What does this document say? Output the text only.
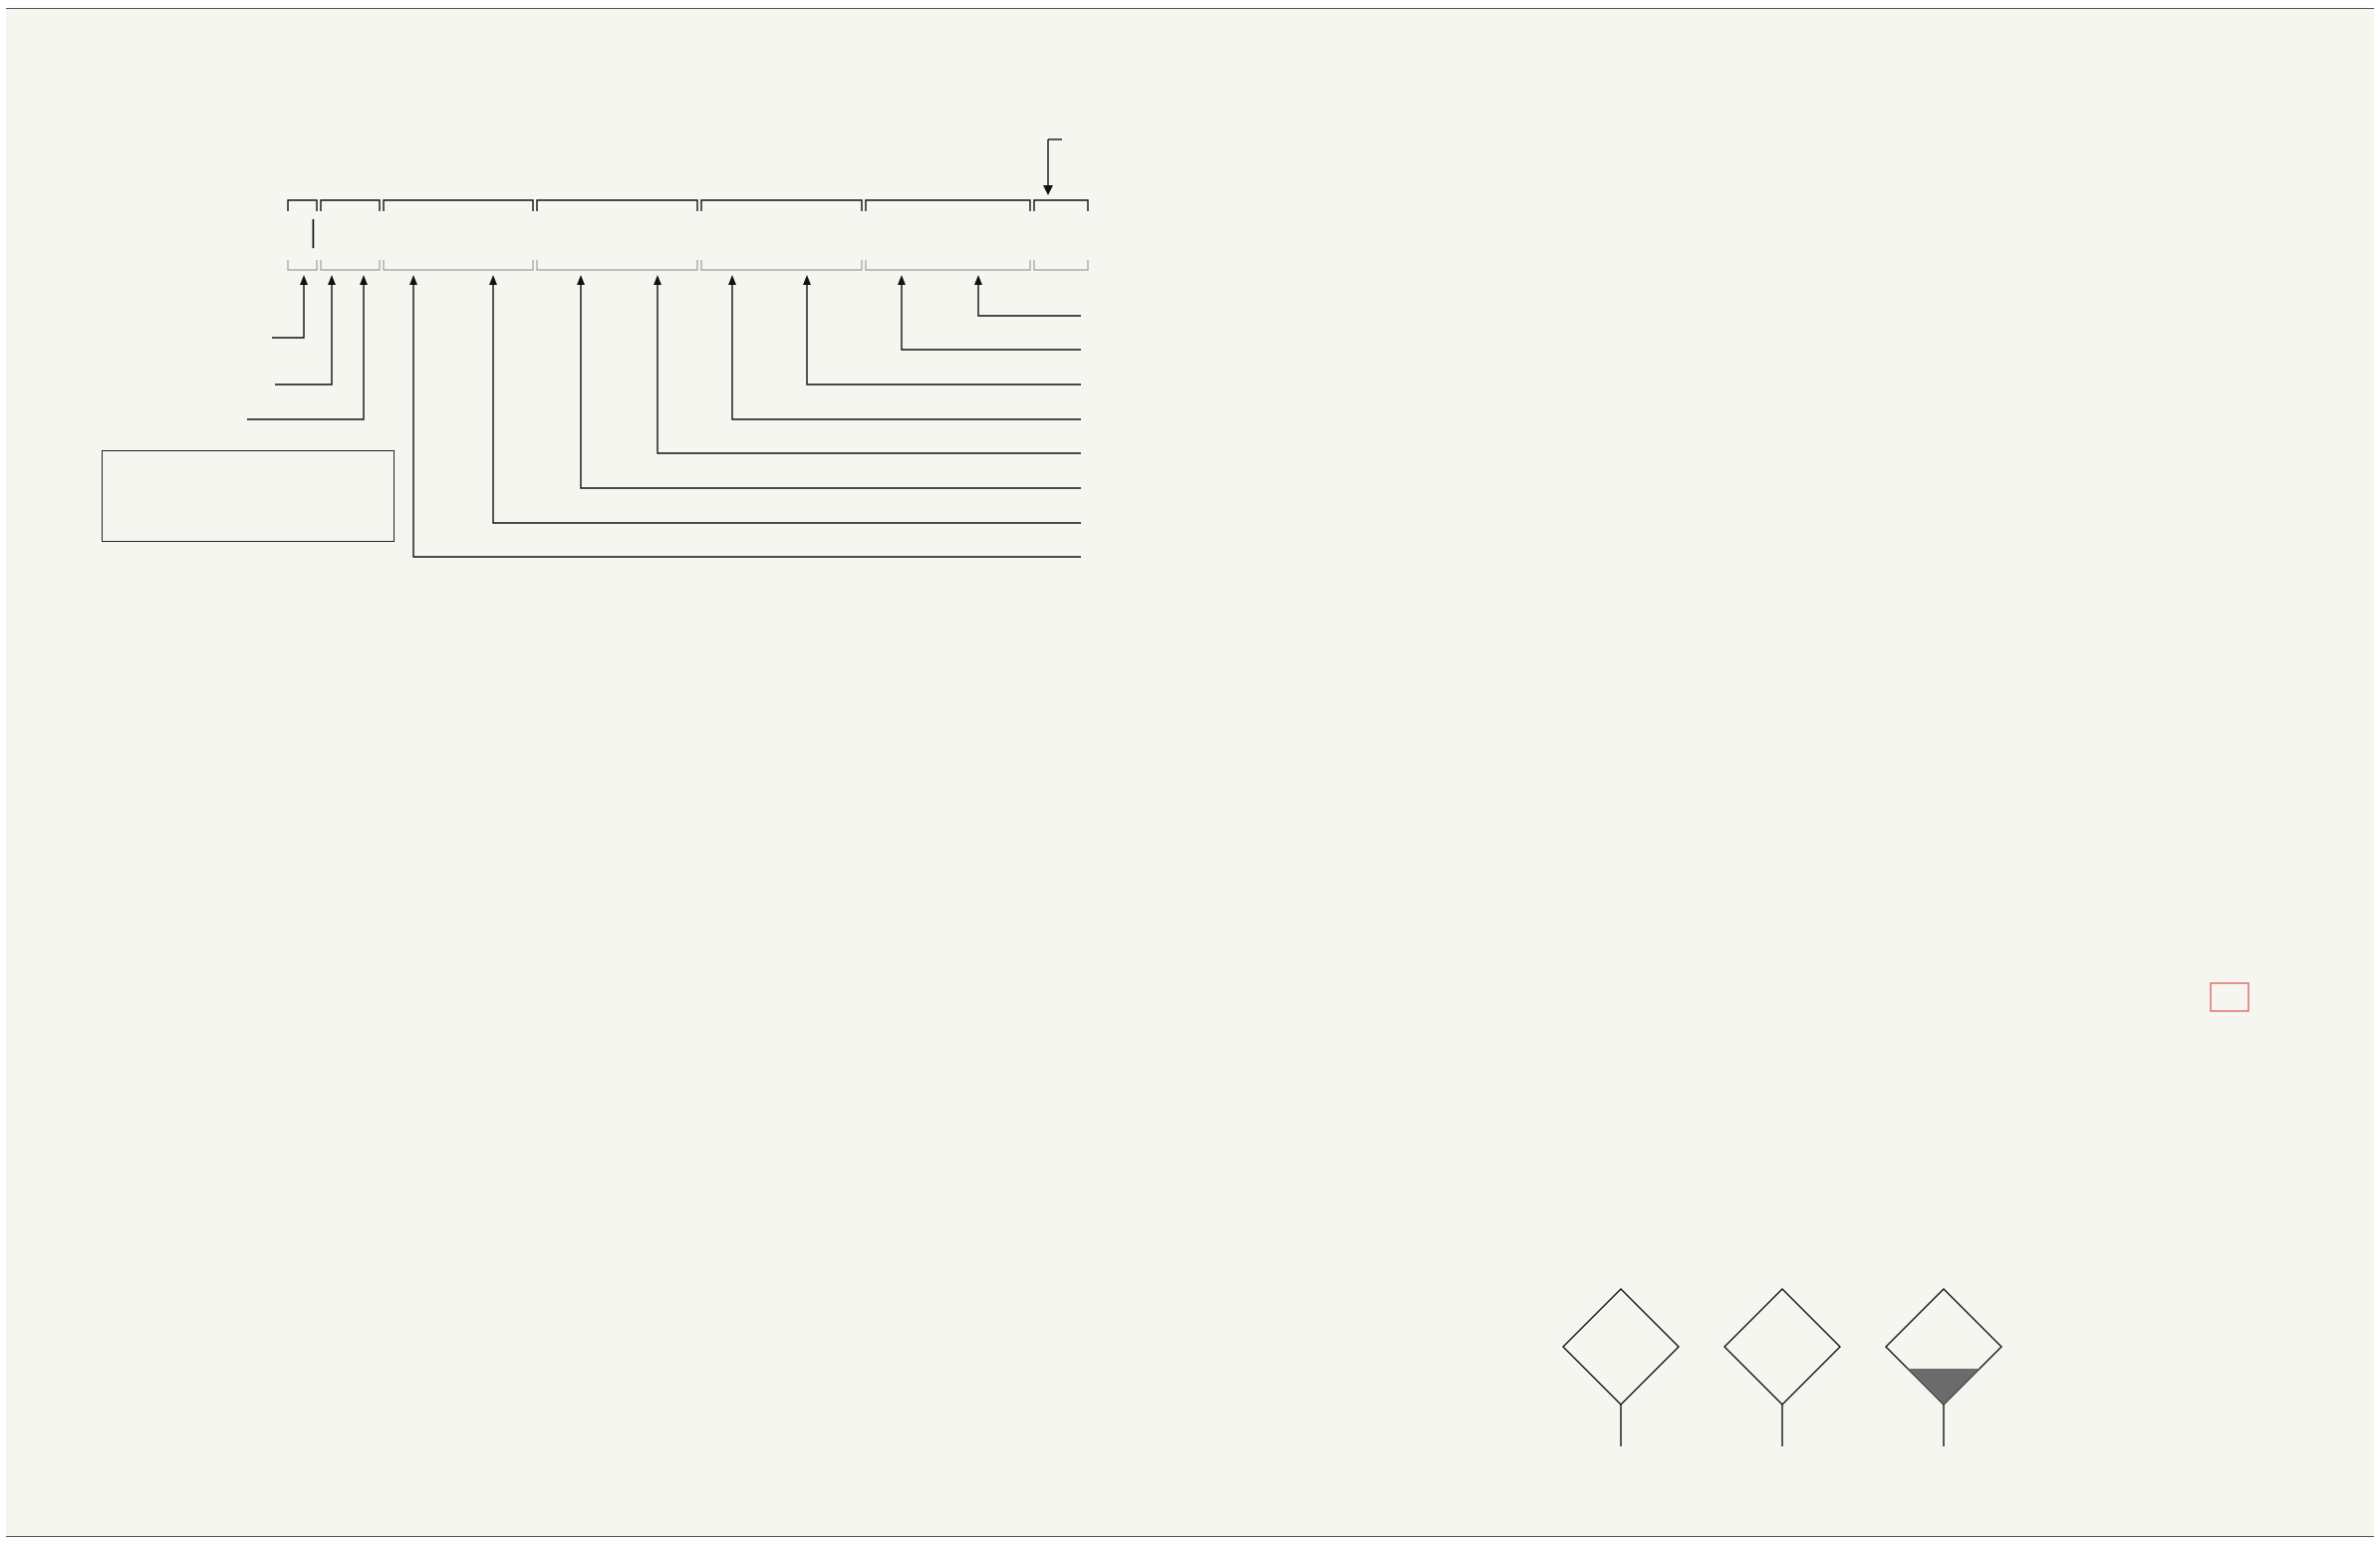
│
